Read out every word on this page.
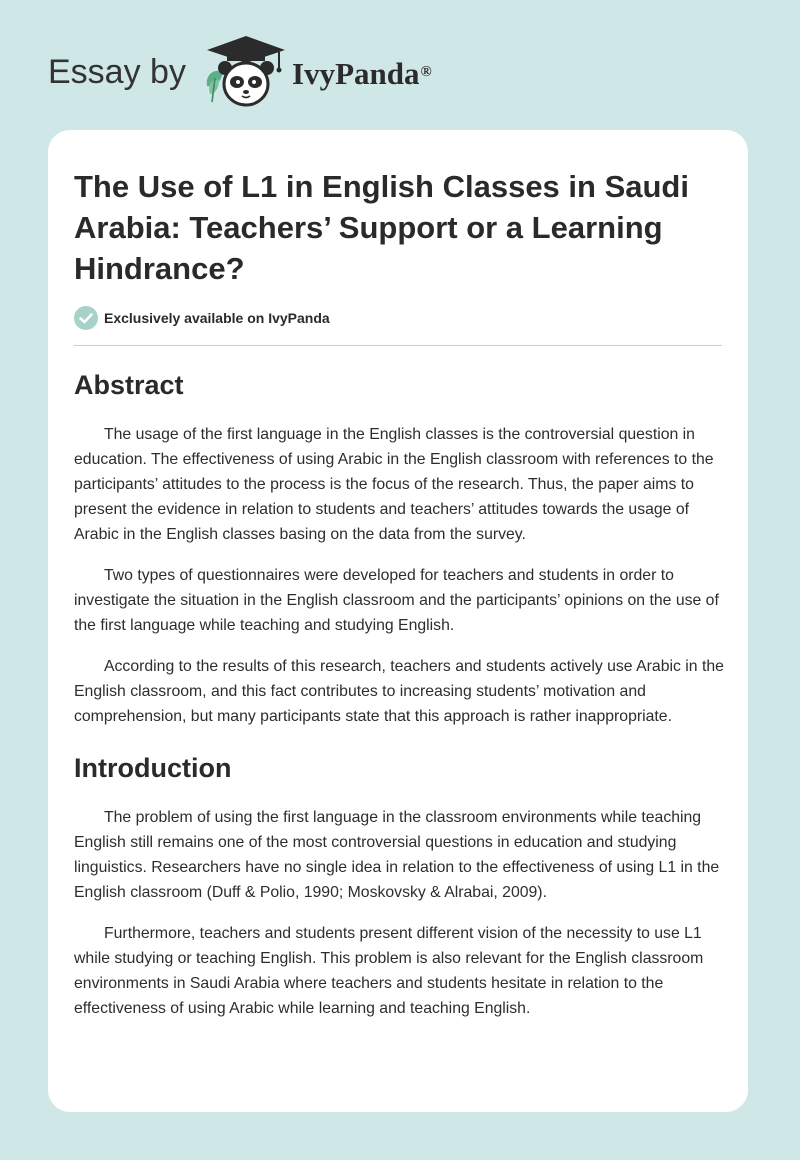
Essay by	IvyPanda®
The Use of L1 in English Classes in Saudi Arabia: Teachers’ Support or a Learning Hindrance?
Exclusively available on IvyPanda
Abstract

The usage of the first language in the English classes is the controversial question in education. The effectiveness of using Arabic in the English classroom with references to the participants’ attitudes to the process is the focus of the research. Thus, the paper aims to present the evidence in relation to students and teachers’ attitudes towards the usage of Arabic in the English classes basing on the data from the survey.

Two types of questionnaires were developed for teachers and students in order to investigate the situation in the English classroom and the participants’ opinions on the use of the first language while teaching and studying English.

According to the results of this research, teachers and students actively use Arabic in the English classroom, and this fact contributes to increasing students’ motivation and comprehension, but many participants state that this approach is rather inappropriate.

Introduction

The problem of using the first language in the classroom environments while teaching English still remains one of the most controversial questions in education and studying linguistics. Researchers have no single idea in relation to the effectiveness of using L1 in the English classroom (Duff & Polio, 1990; Moskovsky & Alrabai, 2009).

Furthermore, teachers and students present different vision of the necessity to use L1 while studying or teaching English. This problem is also relevant for the English classroom environments in Saudi Arabia where teachers and students hesitate in relation to the effectiveness of using Arabic while learning and teaching English.
